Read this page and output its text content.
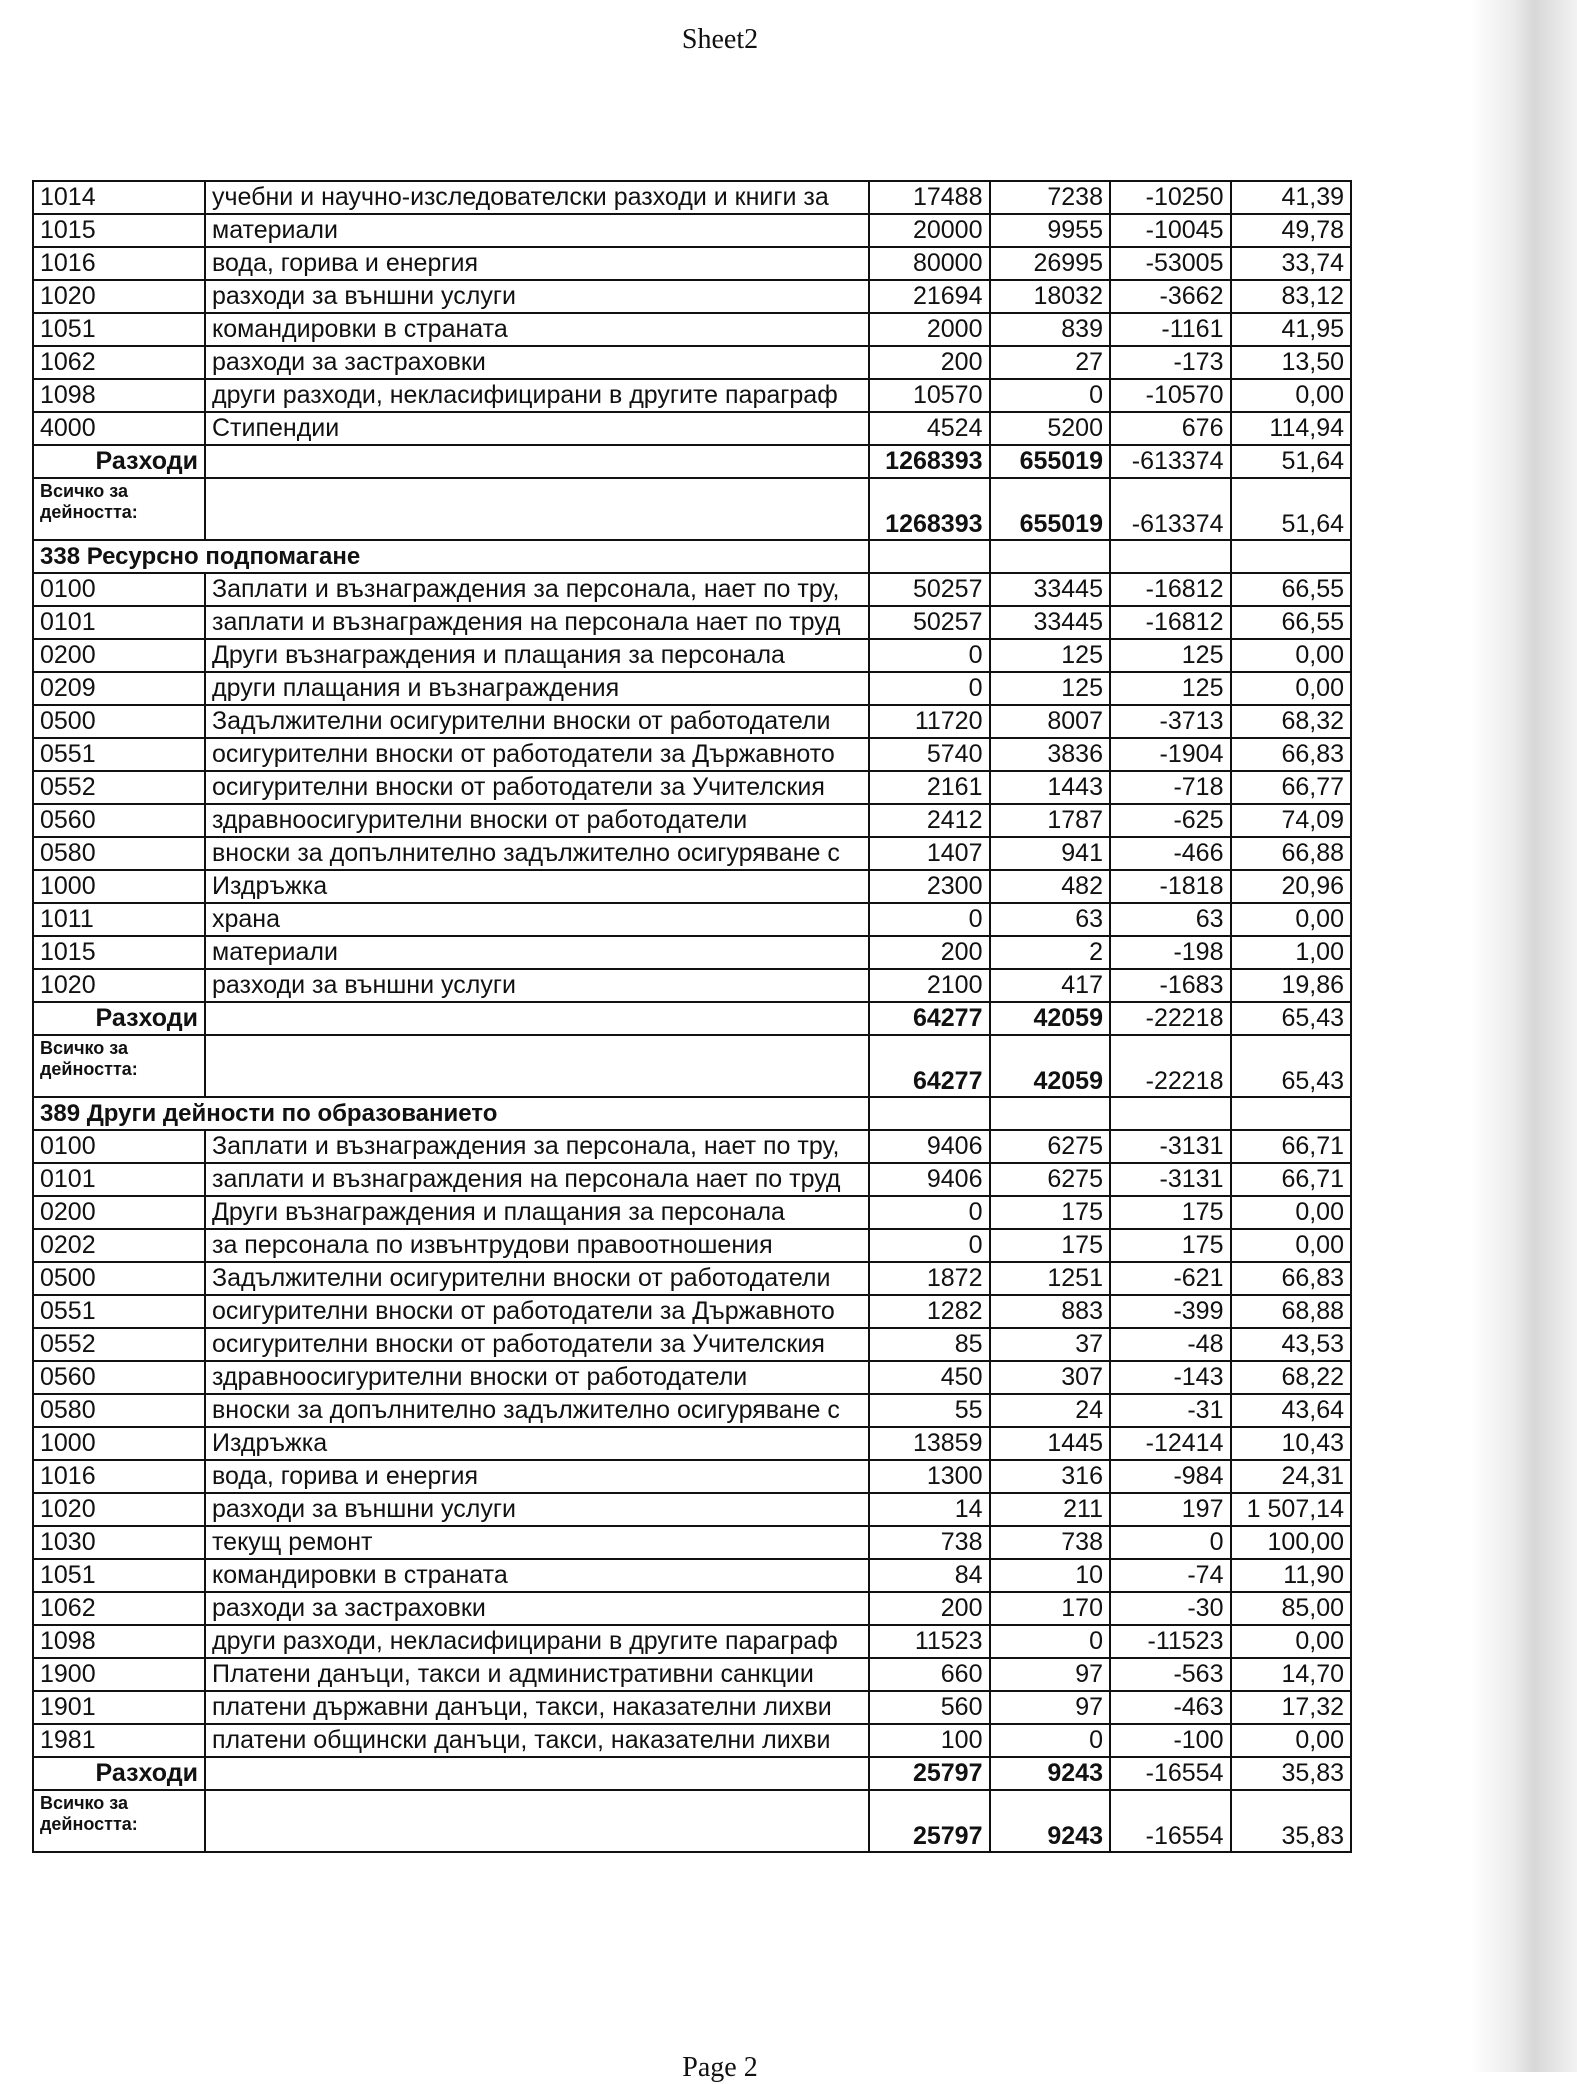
Sheet2
1014	учебни и научно-изследователски разходи и книги за	17488	7238	-10250	41,39
1015	материали	20000	9955	-10045	49,78
1016	вода, горива и енергия	80000	26995	-53005	33,74
1020	разходи за външни услуги	21694	18032	-3662	83,12
1051	командировки в страната	2000	839	-1161	41,95
1062	разходи за застраховки	200	27	-173	13,50
1098	други разходи, некласифицирани в другите параграф	10570	0	-10570	0,00
4000	Стипендии	4524	5200	676	114,94
Разходи		1268393	655019	-613374	51,64
Всичко за дейността:		1268393	655019	-613374	51,64
338 Ресурсно подпомагане					
0100	Заплати и възнаграждения за персонала, нает по тру,	50257	33445	-16812	66,55
0101	заплати и възнаграждения на персонала нает по труд	50257	33445	-16812	66,55
0200	Други възнаграждения и плащания за персонала	0	125	125	0,00
0209	други плащания и възнаграждения	0	125	125	0,00
0500	Задължителни осигурителни вноски от работодатели	11720	8007	-3713	68,32
0551	осигурителни вноски от работодатели за Държавното	5740	3836	-1904	66,83
0552	осигурителни вноски от работодатели за Учителския	2161	1443	-718	66,77
0560	здравноосигурителни вноски от работодатели	2412	1787	-625	74,09
0580	вноски за допълнително задължително осигуряване с	1407	941	-466	66,88
1000	Издръжка	2300	482	-1818	20,96
1011	храна	0	63	63	0,00
1015	материали	200	2	-198	1,00
1020	разходи за външни услуги	2100	417	-1683	19,86
Разходи		64277	42059	-22218	65,43
Всичко за дейността:		64277	42059	-22218	65,43
389 Други дейности по образованието					
0100	Заплати и възнаграждения за персонала, нает по тру,	9406	6275	-3131	66,71
0101	заплати и възнаграждения на персонала нает по труд	9406	6275	-3131	66,71
0200	Други възнаграждения и плащания за персонала	0	175	175	0,00
0202	за персонала по извънтрудови правоотношения	0	175	175	0,00
0500	Задължителни осигурителни вноски от работодатели	1872	1251	-621	66,83
0551	осигурителни вноски от работодатели за Държавното	1282	883	-399	68,88
0552	осигурителни вноски от работодатели за Учителския	85	37	-48	43,53
0560	здравноосигурителни вноски от работодатели	450	307	-143	68,22
0580	вноски за допълнително задължително осигуряване с	55	24	-31	43,64
1000	Издръжка	13859	1445	-12414	10,43
1016	вода, горива и енергия	1300	316	-984	24,31
1020	разходи за външни услуги	14	211	197	1 507,14
1030	текущ ремонт	738	738	0	100,00
1051	командировки в страната	84	10	-74	11,90
1062	разходи за застраховки	200	170	-30	85,00
1098	други разходи, некласифицирани в другите параграф	11523	0	-11523	0,00
1900	Платени данъци, такси и административни санкции	660	97	-563	14,70
1901	платени държавни данъци, такси, наказателни лихви	560	97	-463	17,32
1981	платени общински данъци, такси, наказателни лихви	100	0	-100	0,00
Разходи		25797	9243	-16554	35,83
Всичко за дейността:		25797	9243	-16554	35,83
Page 2
